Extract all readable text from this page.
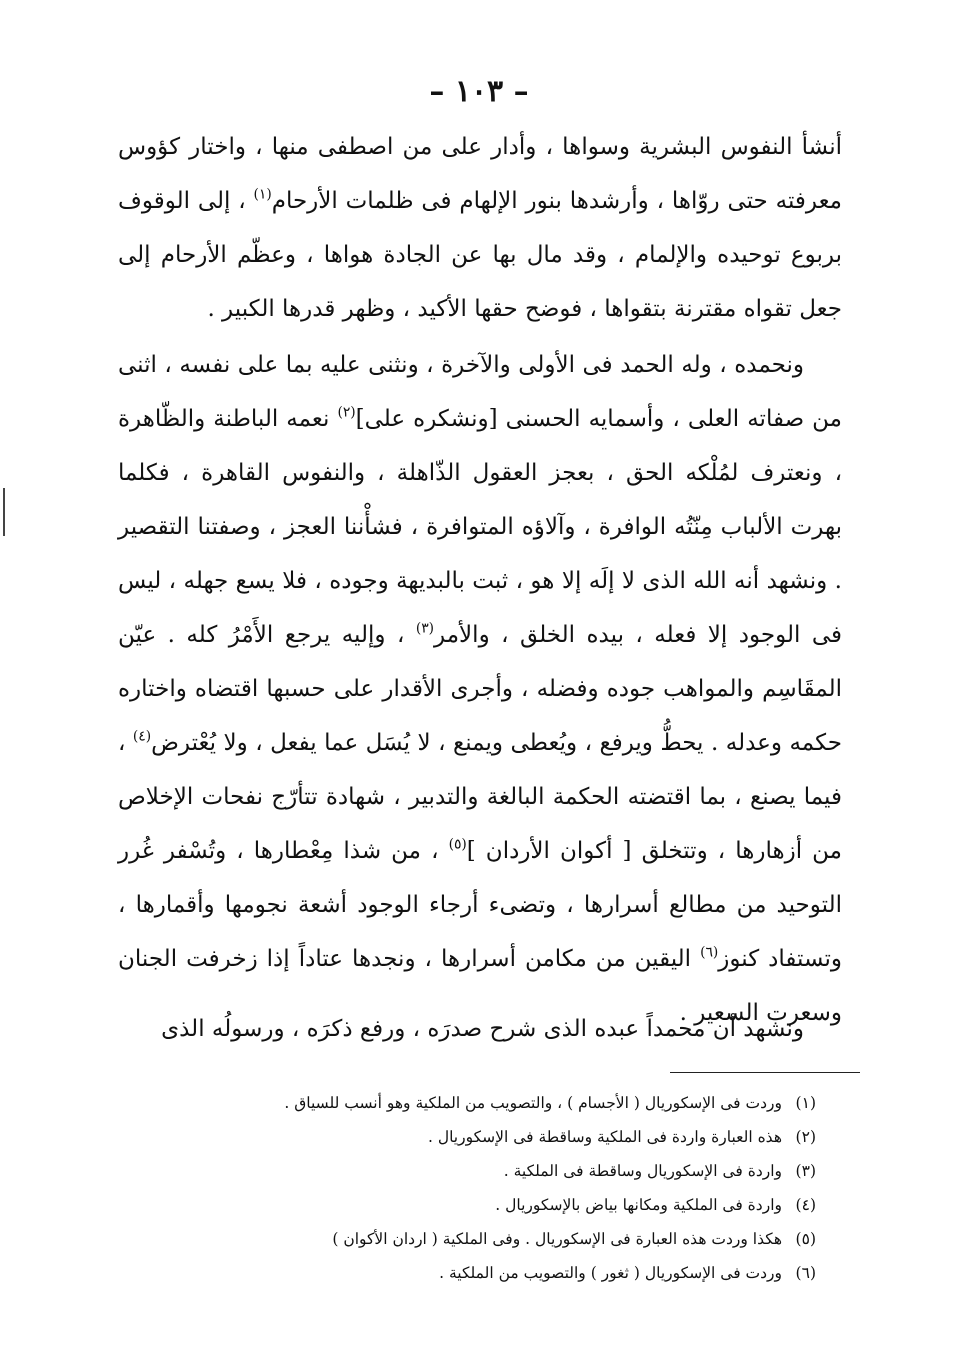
– ١٠٣ –

أنشأ النفوس البشرية وسواها ، وأدار على من اصطفى منها ، واختار كؤوس معرفته حتى روّاها ، وأرشدها بنور الإلهام فى ظلمات الأرحام$^{(١)}$ ، إلى الوقوف بربوع توحيده والإلمام ، وقد مال بها عن الجادة هواها ، وعظّم الأرحام إلى جعل تقواه مقترنة بتقواها ، فوضح حقها الأكيد ، وظهر قدرها الكبير .

ونحمده ، وله الحمد فى الأولى والآخرة ، ونثنى عليه بما على نفسه ، اثنى من صفاته العلى ، وأسمايه الحسنى [ونشكره على]$^{(٢)}$ نعمه الباطنة والظّاهرة ، ونعترف لمُلْكه الحق ، بعجز العقول الذّاهلة ، والنفوس القاهرة ، فكلما بهرت الألباب مِنّتُه الوافرة ، وآلاؤه المتوافرة ، فشأْننا العجز ، وصفتنا التقصير . ونشهد أنه الله الذى لا إلَه إلا هو ، ثبت بالبديهة وجوده ، فلا يسع جهله ، ليس فى الوجود إلا فعله ، بيده الخلق ، والأمر$^{(٣)}$ ، وإليه يرجع الأَمْرُ كله . عيّن المقَاسِم والمواهب جوده وفضله ، وأجرى الأقدار على حسبها اقتضاه واختاره حكمه وعدله . يحطُّ ويرفع ، ويُعطى ويمنع ، لا يُسَل عما يفعل ، ولا يُعْترض$^{(٤)}$ ، فيما يصنع ، بما اقتضته الحكمة البالغة والتدبير ، شهادة تتأرّج نفحات الإخلاص من أزهارها ، وتتخلق [ أكوان الأردان ]$^{(٥)}$ ، من شذا مِعْطارها ، وتُسْفر غُرر التوحيد من مطالع أسرارها ، وتضىء أرجاء الوجود أشعة نجومها وأقمارها ، وتستفاد كنوز$^{(٦)}$ اليقين من مكامن أسرارها ، ونجدها عتاداً إذا زخرفت الجنان وسعرت السعير .

ونشهد أن محمداً عبده الذى شرح صدرَه ، ورفع ذكرَه ، ورسولُه الذى

(١)وردت فى الإسكوريال ( الأجسام ) ، والتصويب من الملكية وهو أنسب للسياق .
(٢)هذه العبارة واردة فى الملكية وساقطة فى الإسكوريال .
(٣)واردة فى الإسكوريال وساقطة فى الملكية .
(٤)واردة فى الملكية ومكانها بياض بالإسكوريال .
(٥)هكذا وردت هذه العبارة فى الإسكوريال . وفى الملكية ( اردان الأكوان )
(٦)وردت فى الإسكوريال ( ثغور ) والتصويب من الملكية .
